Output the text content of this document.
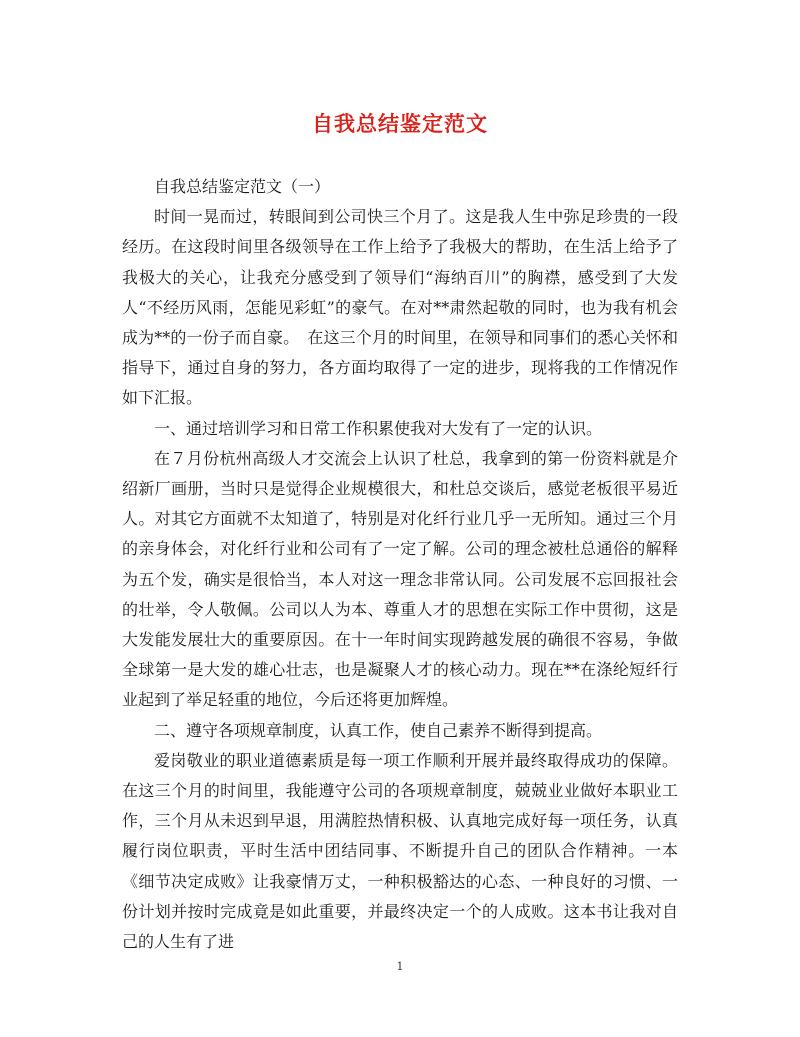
自我总结鉴定范文

自我总结鉴定范文（一）

时间一晃而过，转眼间到公司快三个月了。这是我人生中弥足珍贵的一段经历。在这段时间里各级领导在工作上给予了我极大的帮助，在生活上给予了我极大的关心，让我充分感受到了领导们“海纳百川”的胸襟，感受到了大发人“不经历风雨，怎能见彩虹”的豪气。在对**肃然起敬的同时，也为我有机会成为**的一份子而自豪。　在这三个月的时间里，在领导和同事们的悉心关怀和指导下，通过自身的努力，各方面均取得了一定的进步，现将我的工作情况作如下汇报。

一、通过培训学习和日常工作积累使我对大发有了一定的认识。

在７月份杭州高级人才交流会上认识了杜总，我拿到的第一份资料就是介绍新厂画册，当时只是觉得企业规模很大，和杜总交谈后，感觉老板很平易近人。对其它方面就不太知道了，特别是对化纤行业几乎一无所知。通过三个月的亲身体会，对化纤行业和公司有了一定了解。公司的理念被杜总通俗的解释为五个发，确实是很恰当，本人对这一理念非常认同。公司发展不忘回报社会的壮举，令人敬佩。公司以人为本、尊重人才的思想在实际工作中贯彻，这是大发能发展壮大的重要原因。在十一年时间实现跨越发展的确很不容易，争做全球第一是大发的雄心壮志，也是凝聚人才的核心动力。现在**在涤纶短纤行业起到了举足轻重的地位，今后还将更加辉煌。

二、遵守各项规章制度，认真工作，使自己素养不断得到提高。

爱岗敬业的职业道德素质是每一项工作顺利开展并最终取得成功的保障。在这三个月的时间里，我能遵守公司的各项规章制度，兢兢业业做好本职业工作，三个月从未迟到早退，用满腔热情积极、认真地完成好每一项任务，认真履行岗位职责，平时生活中团结同事、不断提升自己的团队合作精神。一本《细节决定成败》让我豪情万丈，一种积极豁达的心态、一种良好的习惯、一份计划并按时完成竟是如此重要，并最终决定一个的人成败。这本书让我对自己的人生有了进

1
